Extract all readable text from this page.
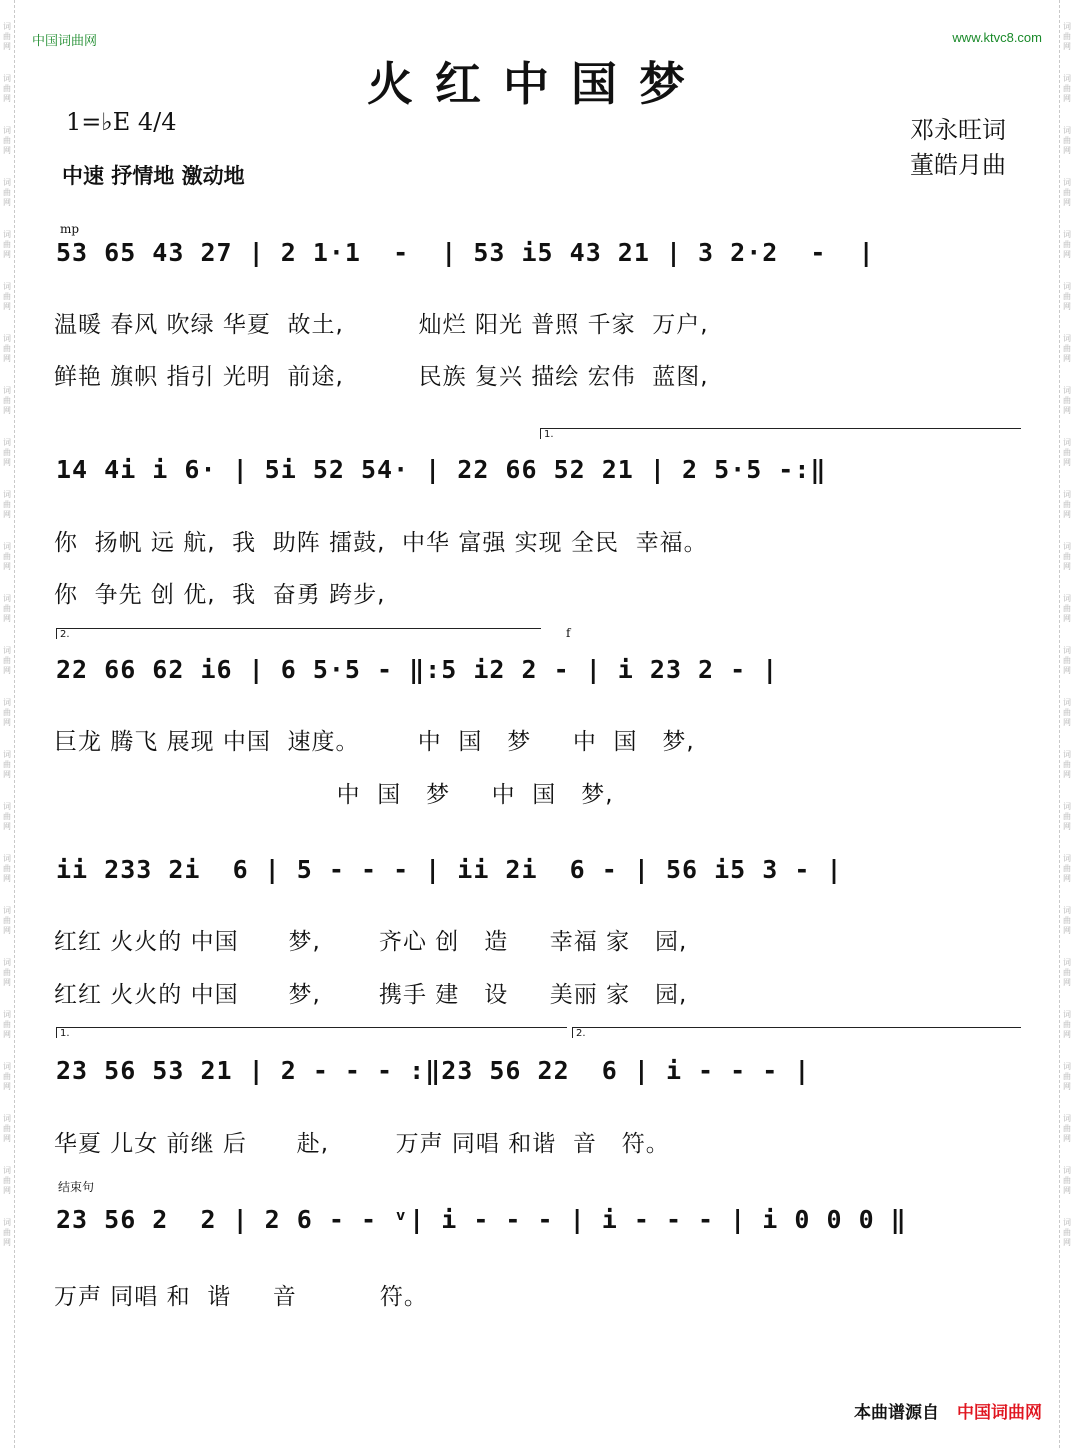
词曲网
词曲网
词曲网
词曲网
词曲网
词曲网
词曲网
词曲网
词曲网
词曲网
词曲网
词曲网
词曲网
词曲网
词曲网
词曲网
词曲网
词曲网
词曲网
词曲网
词曲网
词曲网
词曲网
词曲网
词曲网
词曲网
词曲网
词曲网
词曲网
词曲网
词曲网
词曲网
词曲网
词曲网
词曲网
词曲网
词曲网
词曲网
词曲网
词曲网
词曲网
词曲网
词曲网
词曲网
词曲网
词曲网
词曲网
词曲网
中国词曲网	www.ktvc8.com
火红中国梦
1=♭E 4/4
中速 抒情地 激动地
邓永旺词
董皓月曲
mp
53 65 43 27 | 2 1·1  -  | 53 i5 43 21 | 3 2·2  -  |
温暖 春风 吹绿 华夏  故土,         灿烂 阳光 普照 千家  万户,
鲜艳 旗帜 指引 光明  前途,         民族 复兴 描绘 宏伟  蓝图,
1.
14 4i i 6· | 5i 52 54· | 22 66 52 21 | 2 5·5 -:‖
你  扬帆 远 航,  我  助阵 擂鼓,  中华 富强 实现 全民  幸福。
你  争先 创 优,  我  奋勇 跨步,
2.	f
22 66 62 i6 | 6 5·5 - ‖:5 i2 2 - | i 23 2 - |
巨龙 腾飞 展现 中国  速度。       中  国   梦     中  国   梦,
中  国   梦     中  国   梦,
ii 233 2i  6 | 5 - - - | ii 2i  6 - | 56 i5 3 - |
红红 火火的 中国      梦,       齐心 创   造     幸福 家   园,
红红 火火的 中国      梦,       携手 建   设     美丽 家   园,
1.	2.
23 56 53 21 | 2 - - - :‖23 56 22  6 | i - - - |
华夏 儿女 前继 后      赴,        万声 同唱 和谐  音   符。
结束句
23 56 2  2 | 2 6 - - ᵛ| i - - - | i - - - | i 0 0 0 ‖
万声 同唱 和  谐     音          符。
本曲谱源自 中国词曲网
